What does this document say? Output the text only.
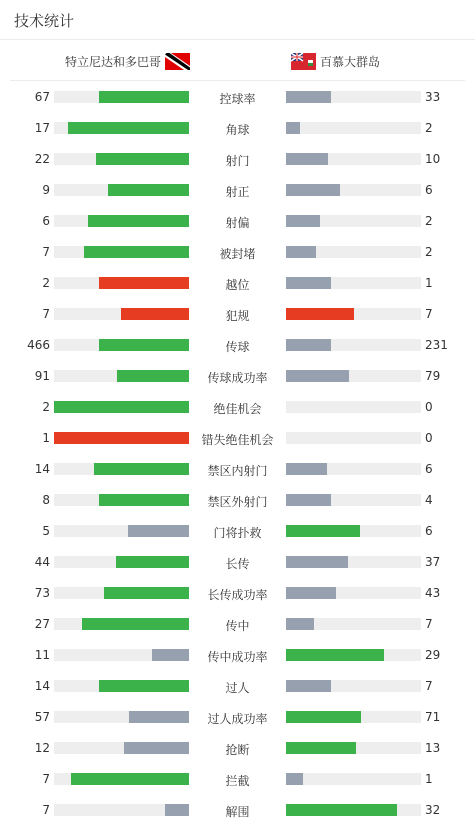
技术统计
特立尼达和多巴哥	百慕大群岛
67	控球率	33
17	角球	2
22	射门	10
9	射正	6
6	射偏	2
7	被封堵	2
2	越位	1
7	犯规	7
466	传球	231
91	传球成功率	79
2	绝佳机会	0
1	错失绝佳机会	0
14	禁区内射门	6
8	禁区外射门	4
5	门将扑救	6
44	长传	37
73	长传成功率	43
27	传中	7
11	传中成功率	29
14	过人	7
57	过人成功率	71
12	抢断	13
7	拦截	1
7	解围	32
